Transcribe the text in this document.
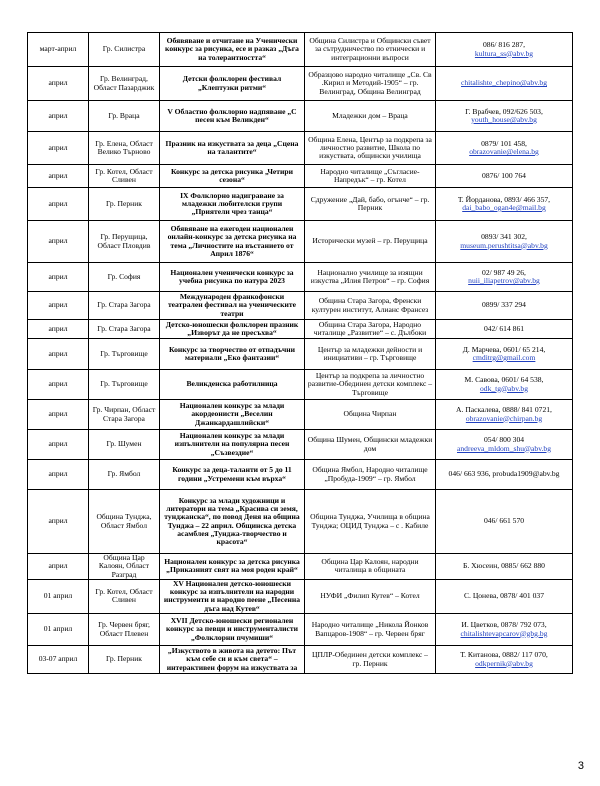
март-април	Гр. Силистра	Обявяване и отчитане на Ученически конкурс за рисунка, есе и разказ „Дъга на толерантността“	Община Силистра и Общински съвет за сътрудничество по етнически и интеграционни въпроси	086/ 816 287,
kultura_ss@abv.bg
април	Гр. Велинград, Област Пазарджик	Детски фолклорен фестивал „Клептузки ритми“	Образцово народно читалище „Св. Св .Кирил и Методий-1905“ – гр. Велинград, Община Велинград	chitalishte_chepino@abv.bg
април	Гр. Враца	V Областно фолклорно надпяване „С песен към Великден“	Младежки дом – Враца	Г. Врабчев, 092/626 503,
youth_house@abv.bg
април	Гр. Елена, Област Велико Търново	Празник на изкуствата за деца „Сцена на талантите“	Община Елена, Център за подкрепа за личностно развитие, Школа по изкуствата, общински училища	0879/ 101 458,
obrazovanie@elena.bg
април	Гр. Котел, Област Сливен	Конкурс за детска рисунка „Четири сезона“	Народно читалище „Съгласие-Напредък“ – гр. Котел	0876/ 100 764
април	Гр. Перник	IX Фолклорно надиграване за младежки любителски групи „Приятели чрез танца“	Сдружение „Дай, бабо, огънче“ – гр. Перник	Т. Йорданова, 0893/ 466 357,
dai_babo_ogan4e@mail.bg
април	Гр. Перущица, Област Пловдив	Обявяване на ежегоден национален онлайн-конкурс за детска рисунка на тема „Личностите на въстанието от Април 1876“	Исторически музей – гр. Перущица	0893/ 341 302,
museum.perushtitsa@abv.bg
април	Гр. София	Национален ученически конкурс за учебна рисунка по натура 2023	Национално училище за изящни изкуства „Илия Петров“ – гр. София	02/ 987 49 26,
nuii_iliapetrov@abv.bg
април	Гр. Стара Загора	Международен франкофонски театрален фестивал на ученическите театри	Община Стара Загора, Френски културен институт, Алианс Франсез	0899/ 337 294
април	Гр. Стара Загора	Детско-юношески фолклорен празник „Изворът да не пресъхва“	Община Стара Загора, Народно читалище „Развитие“ – с. Дълбоки	042/ 614 861
април	Гр. Търговище	Конкурс за творчество от отпадъчни материали „Еко фантазии“	Център за младежки дейности и инициативи – гр. Търговище	Д. Марчева, 0601/ 65 214,
cmditrg@gmail.com
април	Гр. Търговище	Великденска работилница	Център за подкрепа за личностно развитие-Обединен детски комплекс – Търговище	М. Савова, 0601/ 64 538,
odk_tg@abv.bg
април	Гр. Чирпан, Област Стара Загора	Национален конкурс за млади акордеонисти „Веселин Джанкардашлийски“	Община Чирпан	А. Паскалева, 0888/ 841 0721,
obrazovanie@chirpan.bg
април	Гр. Шумен	Национален конкурс за млади изпълнители на популярна песен „Съзвездие“	Община Шумен, Общински младежки дом	054/ 800 304
andreeva_mldom_shu@abv.bg
април	Гр. Ямбол	Конкурс за деца-таланти от 5 до 11 години „Устремени към върха“	Община Ямбол, Народно читалище „Пробуда-1909“ – гр. Ямбол	046/ 663 936, probuda1909@abv.bg
април	Община Тунджа, Област Ямбол	Конкурс за млади художници и литератори на тема „Красива си земя, тунджанска“, по повод Деня на община Тунджа – 22 април. Общинска детска асамблея „Тунджа-творчество и красота“	Община Тунджа, Училища в община Тунджа; ОЦИД Тунджа – с . Кабиле	046/ 661 570
април	Община Цар Калоян, Област Разград	Национален конкурс за детска рисунка „Приказният свят на моя роден край“	Община Цар Калоян, народни читалища в общината	Б. Хюсеин, 0885/ 662 880
01 април	Гр. Котел, Област Сливен	XV Национален детско-юношески конкурс за изпълнители на народни инструменти и народно пеене „Песенна дъга над Кутев“	НУФИ „Филип Кутев“ – Котел	С. Цонева, 0878/ 401 037
01 април	Гр. Червен бряг, Област Плевен	XVII Детско-юношески регионален конкурс за певци и инструменталисти „Фолклорни пчумиши“	Народно читалище „Никола Йонков Вапцаров-1908“ – гр. Червен бряг	И. Цветков, 0878/ 792 073,
chitalishtevapcarov@gbg.bg
03-07 април	Гр. Перник	„Изкуството в живота на детето: Път към себе си и към света“ – интерактивен форум на изкуствата за	ЦПЛР-Обединен детски комплекс – гр. Перник	Т. Китанова, 0882/ 117 070,
odkpernik@abv.bg
3
